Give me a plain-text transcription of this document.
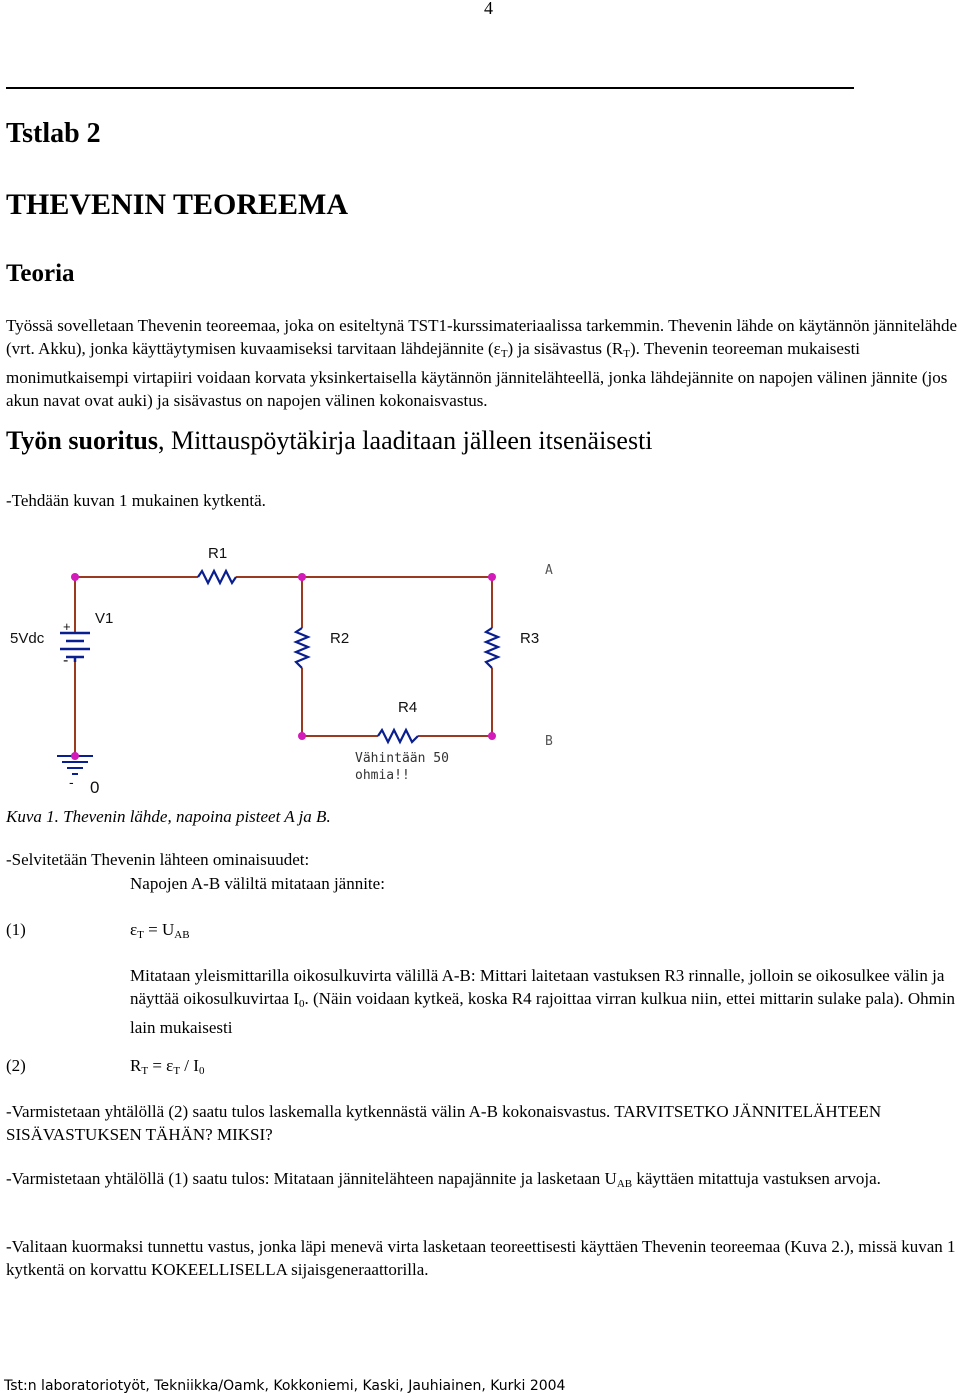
4
Tstlab 2
THEVENIN TEOREEMA
Teoria
Työssä sovelletaan Thevenin teoreemaa, joka on esiteltynä TST1-kurssimateriaalissa tarkemmin. Thevenin lähde on käytännön jännitelähde (vrt. Akku), jonka käyttäytymisen kuvaamiseksi tarvitaan lähdejännite $(\varepsilon_T)$ ja sisävastus $(R_T)$. Thevenin teoreeman mukaisesti monimutkaisempi virtapiiri voidaan korvata yksinkertaisella käytännön jännitelähteellä, jonka lähdejännite on napojen välinen jännite (jos akun navat ovat auki) ja sisävastus on napojen välinen kokonaisvastus.
Työn suoritus, Mittauspöytäkirja laaditaan jälleen itsenäisesti
-Tehdään kuvan 1 mukainen kytkentä.
R1
R2	R3
R4
V1
5Vdc
0
+
-
-
A
B
Vähintään 50
ohmia!!
Kuva 1. Thevenin lähde, napoina pisteet A ja B.
-Selvitetään Thevenin lähteen ominaisuudet:
Napojen A-B väliltä mitataan jännite:
(1)	$\varepsilon_T = U_{AB}$
Mitataan yleismittarilla oikosulkuvirta välillä A-B: Mittari laitetaan vastuksen R3 rinnalle, jolloin se oikosulkee välin ja näyttää oikosulkuvirtaa $I_0$. (Näin voidaan kytkeä, koska R4 rajoittaa virran kulkua niin, ettei mittarin sulake pala). Ohmin lain mukaisesti
(2)	$R_T = \varepsilon_T / I_0$
-Varmistetaan yhtälöllä (2) saatu tulos laskemalla kytkennästä välin A-B kokonaisvastus. TARVITSETKO JÄNNITELÄHTEEN SISÄVASTUKSEN TÄHÄN? MIKSI?
-Varmistetaan yhtälöllä (1) saatu tulos: Mitataan jännitelähteen napajännite ja lasketaan $U_{AB}$ käyttäen mitattuja vastuksen arvoja.
-Valitaan kuormaksi tunnettu vastus, jonka läpi menevä virta lasketaan teoreettisesti käyttäen Thevenin teoreemaa (Kuva 2.), missä kuvan 1 kytkentä on korvattu KOKEELLISELLA sijaisgeneraattorilla.
Tst:n laboratoriotyöt, Tekniikka/Oamk, Kokkoniemi, Kaski, Jauhiainen, Kurki 2004
